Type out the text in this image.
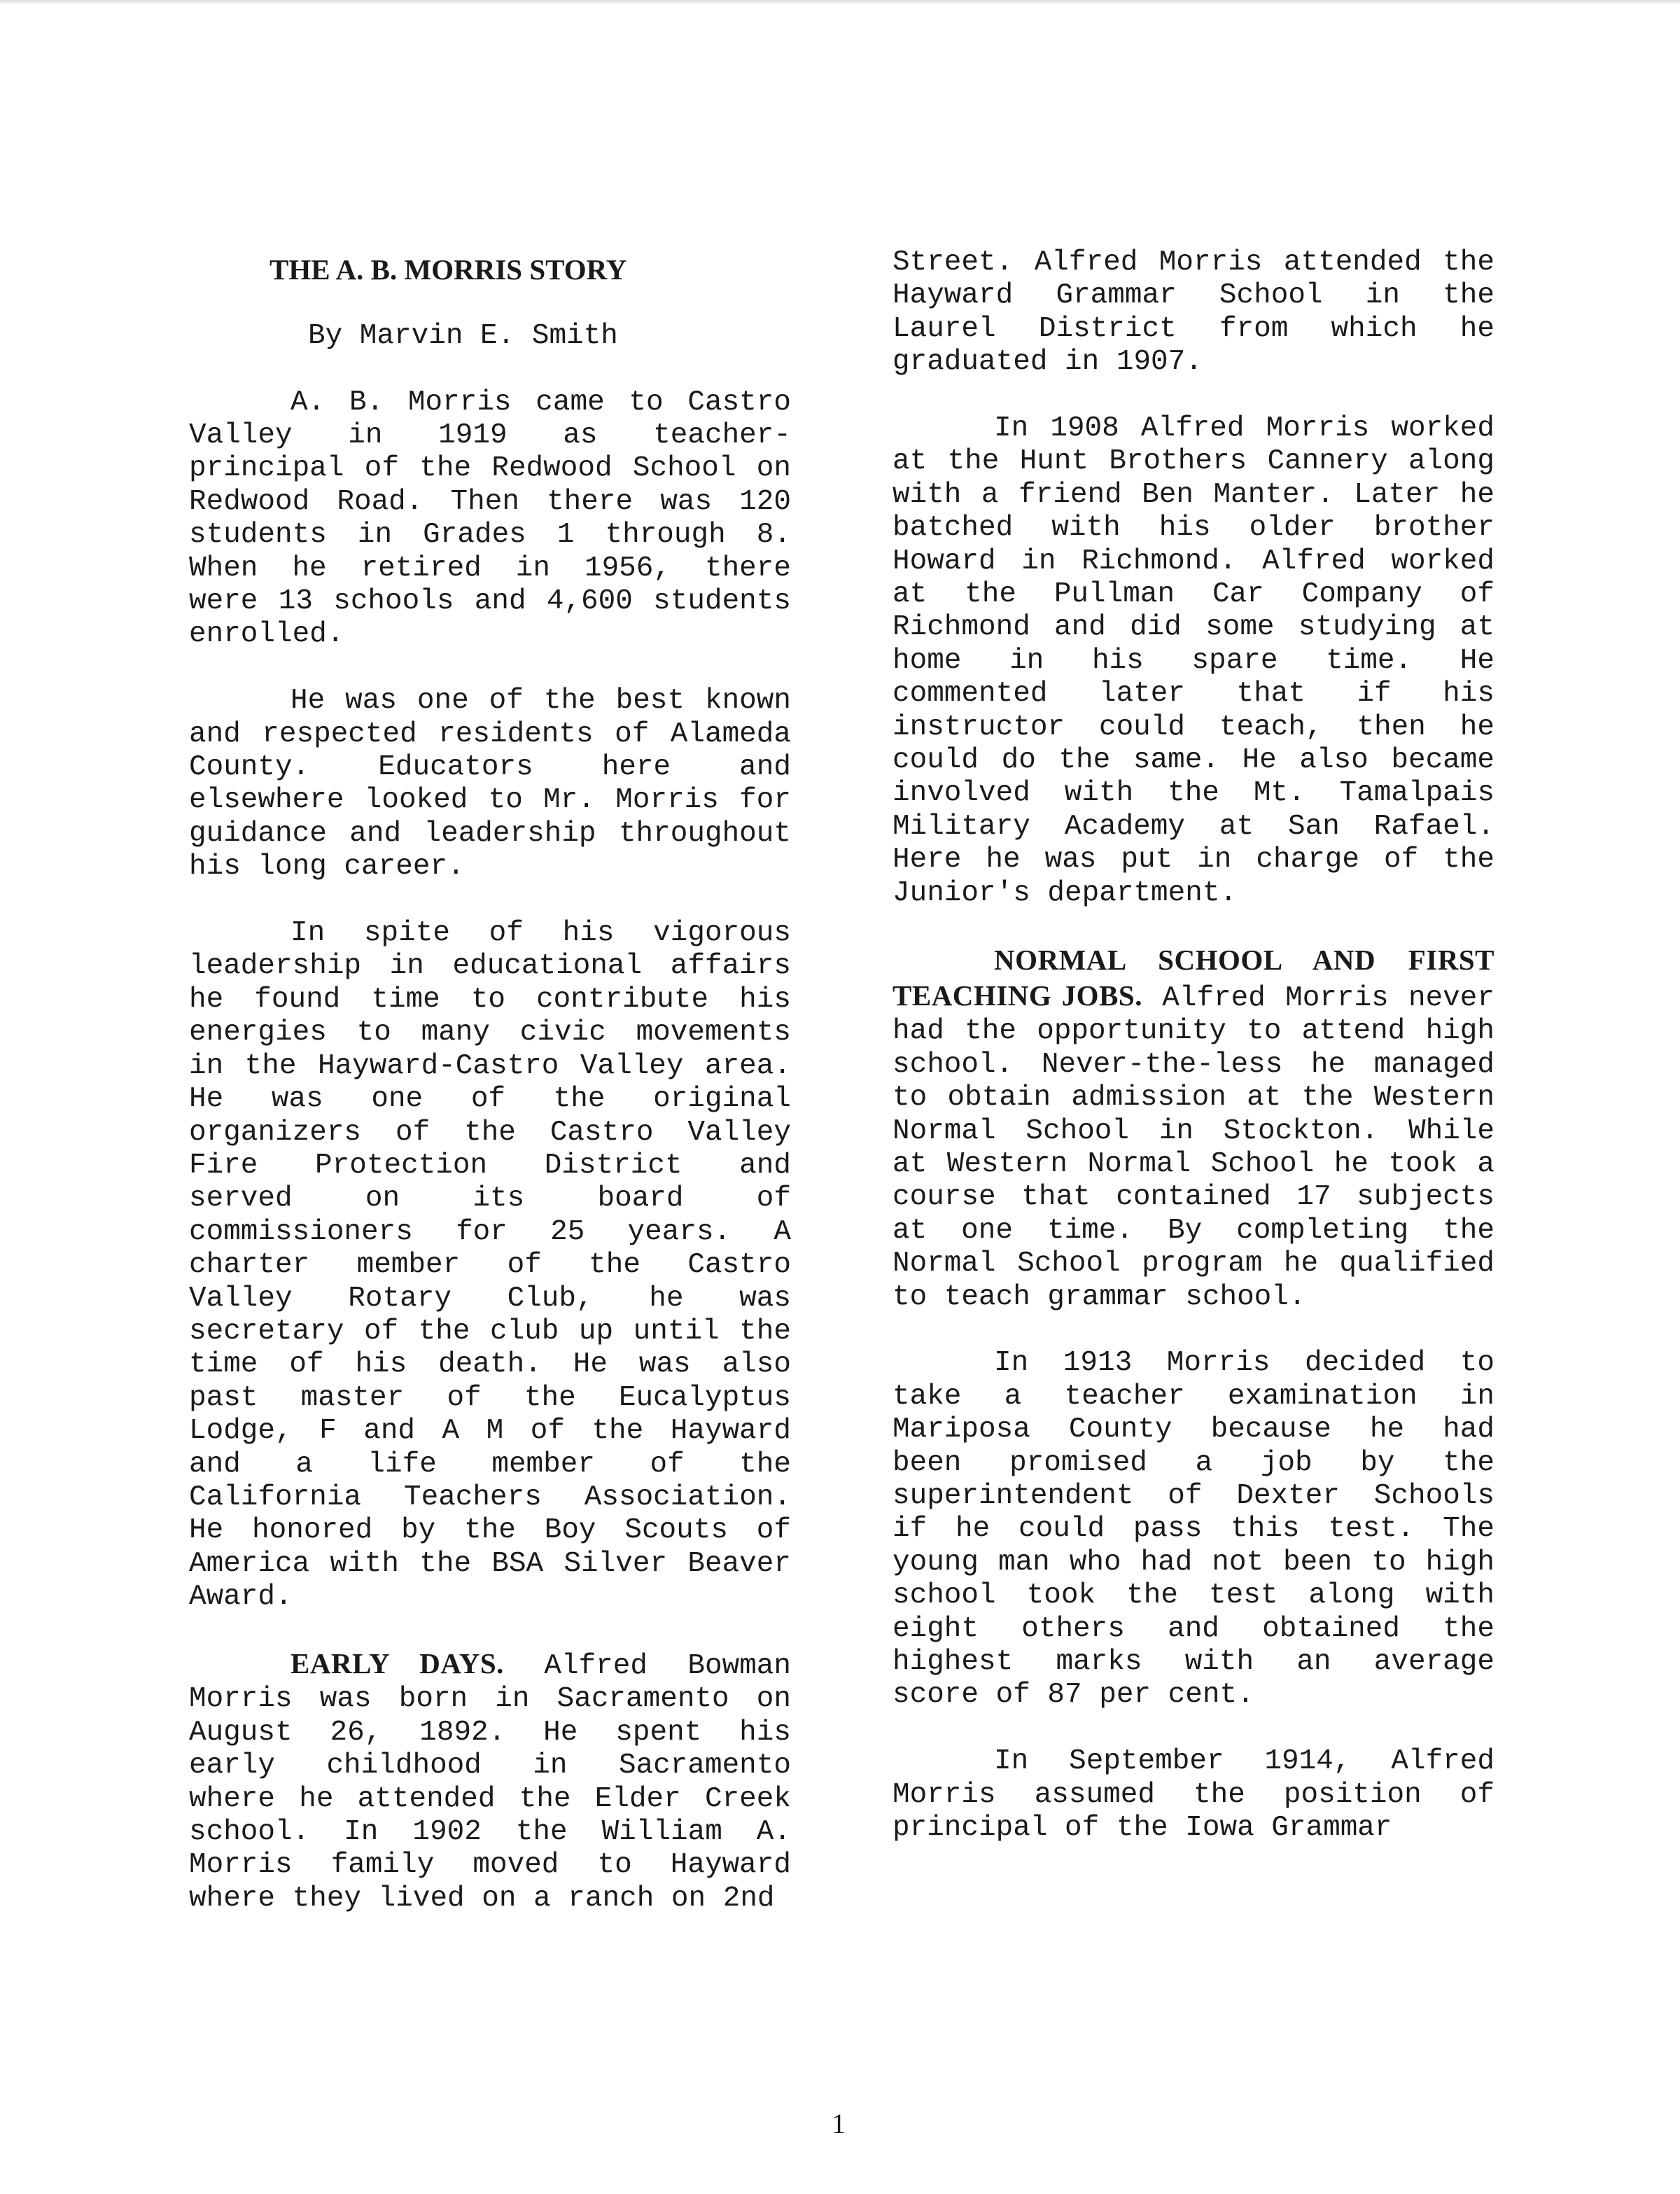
THE A. B. MORRIS STORY
By Marvin E. Smith

A. B. Morris came to Castro Valley in 1919 as teacher-principal of the Redwood School on Redwood Road. Then there was 120 students in Grades 1 through 8. When he retired in 1956, there were 13 schools and 4,600 students enrolled.

He was one of the best known and respected residents of Alameda County. Educators here and elsewhere looked to Mr. Morris for guidance and leadership throughout his long career.

In spite of his vigorous leadership in educational affairs he found time to contribute his energies to many civic movements in the Hayward-Castro Valley area. He was one of the original organizers of the Castro Valley Fire Protection District and served on its board of commissioners for 25 years. A charter member of the Castro Valley Rotary Club, he was secretary of the club up until the time of his death. He was also past master of the Eucalyptus Lodge, F and A M of the Hayward and a life member of the California Teachers Association. He honored by the Boy Scouts of America with the BSA Silver Beaver Award.

EARLY DAYS. Alfred Bowman Morris was born in Sacramento on August 26, 1892. He spent his early childhood in Sacramento where he attended the Elder Creek school. In 1902 the William A. Morris family moved to Hayward where they lived on a ranch on 2nd

Street. Alfred Morris attended the Hayward Grammar School in the Laurel District from which he graduated in 1907.

In 1908 Alfred Morris worked at the Hunt Brothers Cannery along with a friend Ben Manter. Later he batched with his older brother Howard in Richmond. Alfred worked at the Pullman Car Company of Richmond and did some studying at home in his spare time. He commented later that if his instructor could teach, then he could do the same. He also became involved with the Mt. Tamalpais Military Academy at San Rafael. Here he was put in charge of the Junior's department.

NORMAL SCHOOL AND FIRST TEACHING JOBS. Alfred Morris never had the opportunity to attend high school. Never-the-less he managed to obtain admission at the Western Normal School in Stockton. While at Western Normal School he took a course that contained 17 subjects at one time. By completing the Normal School program he qualified to teach grammar school.

In 1913 Morris decided to take a teacher examination in Mariposa County because he had been promised a job by the superintendent of Dexter Schools if he could pass this test. The young man who had not been to high school took the test along with eight others and obtained the highest marks with an average score of 87 per cent.

In September 1914, Alfred Morris assumed the position of principal of the Iowa Grammar

1
